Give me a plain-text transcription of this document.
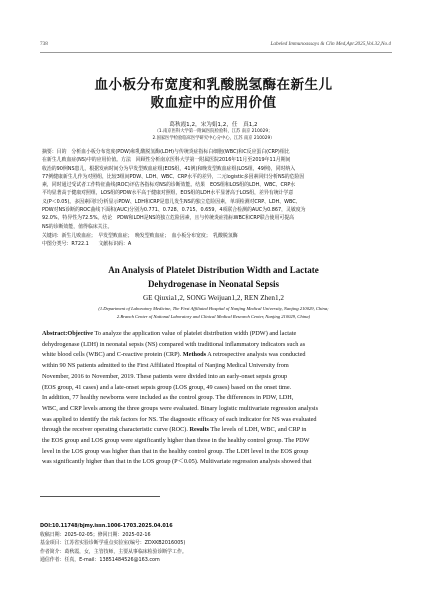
738	Labeled Immunoassays & Clin Med,Apr.2025,Vol.32,No.4
血小板分布宽度和乳酸脱氢酶在新生儿
败血症中的应用价值
葛秋霞1,2，宋为娟1,2，任　真1,2
（1.南京医科大学第一附属医院检验科，江苏 南京 210029；
2.国家医学检验临床医学研究中心分中心，江苏 南京 210029）
摘要：目的　分析血小板分布宽度(PDW)和乳酸脱氢酶(LDH)与传统炎症指标白细胞(WBC)和C反应蛋白(CRP)相比
在新生儿败血症(NS)中的应用价值。方法　回顾性分析南京医科大学第一附属医院2016年11月至2019年11月期间
收治的90例NS患儿，根据发病时间分为早发型败血症组(EOS组，41例)和晚发型败血症组(LOS组，49例)，同时纳入
77例健康新生儿作为对照组，比较3组间PDW、LDH、WBC、CRP水平的差异，二元logistic多因素回归分析NS的危险因
素，同时通过受试者工作特征曲线(ROC)评估各指标对NS的诊断效能。结果　EOS组和LOS组的LDH、WBC、CRP水
平均显著高于健康对照组，LOS组的PDW水平高于健康对照组，EOS组的LDH水平显著高于LOS组，差异有统计学意
义(P＜0.05)。多因素回归分析显示PDW、LDH和CRP是患儿发生NS的独立危险因素，单项检测对CRP、LDH、WBC、
PDW对NS诊断的ROC曲线下面积(AUC)分别为0.771、0.728、0.715、0.659，4项联合检测的AUC为0.867，灵敏度为
92.0%，特异性为72.5%。结论　PDW和LDH是NS的独立危险因素，且与传统炎症指标WBC和CRP联合使用可提高
NS的诊断效能，值得临床关注。
关键词：新生儿败血症；　早发型败血症；　晚发型败血症；　血小板分布宽度；　乳酸脱氢酶
中图分类号：R722.1　　文献标识码：A
An Analysis of Platelet Distribution Width and Lactate
Dehydrogenase in Neonatal Sepsis
GE Qiuxia1,2, SONG Weijuan1,2, REN Zhen1,2
(1.Department of Laboratory Medicine, The First Affiliated Hospital of Nanjing Medical University, Nanjing 210029, China;
2.Branch Center of National Laboratory and Clinical Medical Research Center, Nanjing 210029, China)
Abstract:Objective To analyze the application value of platelet distribution width (PDW) and lactate
dehydrogenase (LDH) in neonatal sepsis (NS) compared with traditional inflammatory indicators such as
white blood cells (WBC) and C-reactive protein (CRP). Methods A retrospective analysis was conducted
within 90 NS patients admitted to the First Affiliated Hospital of Nanjing Medical University from
November, 2016 to November, 2019. These patients were divided into an early-onset sepsis group
(EOS group, 41 cases) and a late-onset sepsis group (LOS group, 49 cases) based on the onset time.
In addition, 77 healthy newborns were included as the control group. The differences in PDW, LDH,
WBC, and CRP levels among the three groups were evaluated. Binary logistic multivariate regression analysis
was applied to identify the risk factors for NS. The diagnostic efficacy of each indicator for NS was evaluated
through the receiver operating characteristic curve (ROC). Results The levels of LDH, WBC, and CRP in
the EOS group and LOS group were significantly higher than those in the healthy control group. The PDW
level in the LOS group was higher than that in the healthy control group. The LDH level in the EOS group
was significantly higher than that in the LOS group (P＜0.05). Multivariate regression analysis showed that
DOI:10.11748/bjmy.issn.1006-1703.2025.04.016
收稿日期：2025-02-05；修回日期：2025-02-16
基金项目：江苏省实验诊断学重点实验室(编号：ZDXKB2016005)
作者简介：葛秋霞，女，主管技师，主要从事临床检验诊断学工作。
通信作者：任真，E-mail：13851484526@163.com
